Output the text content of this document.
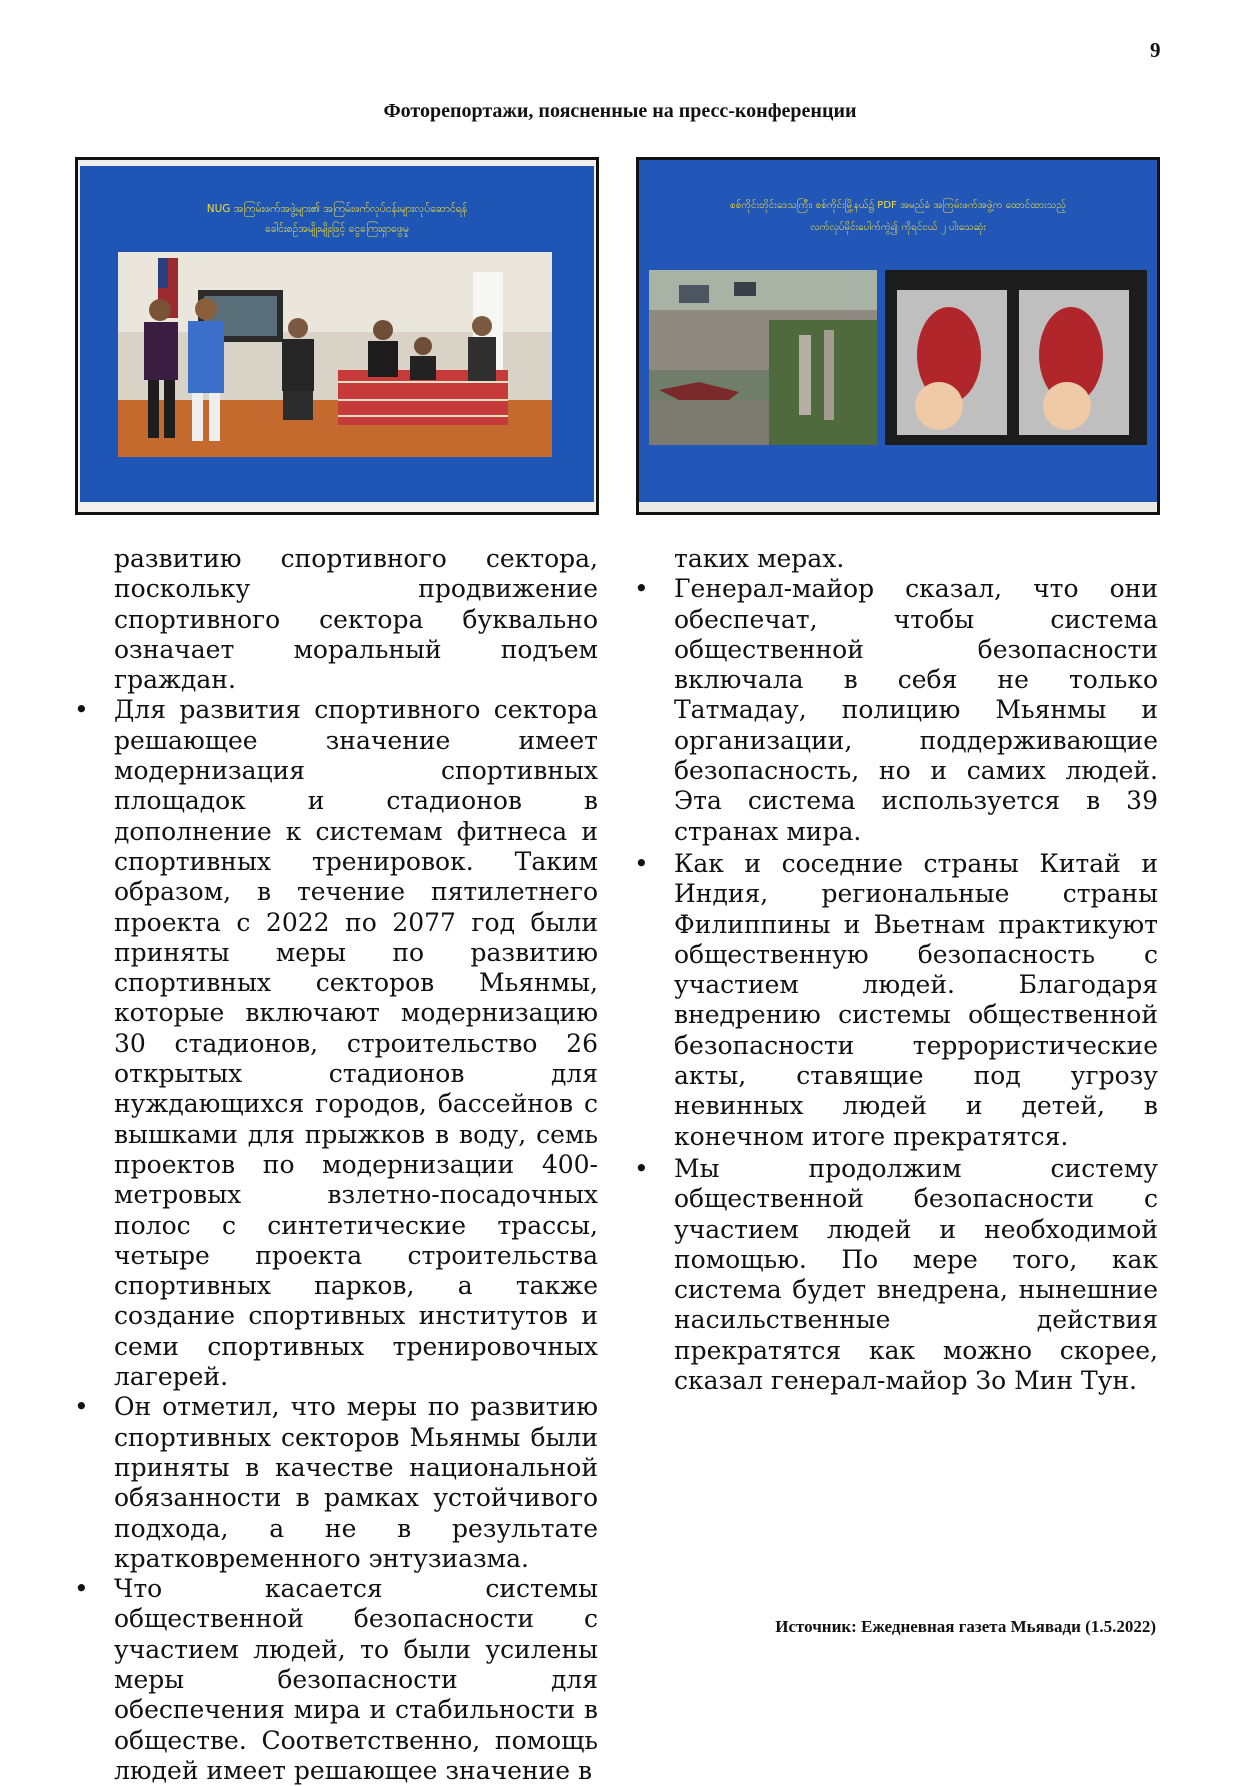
9
Фоторепортажи, поясненные на пресс-конференции
NUG အကြမ်းဖက်အဖွဲ့များ၏ အကြမ်းဖက်လုပ်ငန်းများလုပ်ဆောင်ရန်
ခေါင်းစဉ်အမျိုးမျိုးဖြင့် ငွေကြေးရှာဖွေမှု
စစ်ကိုင်းတိုင်းဒေသကြီး၊ စစ်ကိုင်းမြို့နယ်၌ PDF အမည်ခံ အကြမ်းဖက်အဖွဲ့က ထောင်ထားသည့်
လက်လုပ်မိုင်းပေါက်ကွဲ၍ ကိုရင်ငယ် ၂ ပါးသေဆုံး

развитию спортивного сектора, поскольку продвижение спортивного сектора буквально означает моральный подъем граждан.

• Для развития спортивного сектора решающее значение имеет модернизация спортивных площадок и стадионов в дополнение к системам фитнеса и спортивных тренировок. Таким образом, в течение пятилетнего проекта с 2022 по 2077 год были приняты меры по развитию спортивных секторов Мьянмы, которые включают модернизацию 30 стадионов, строительство 26 открытых стадионов для нуждающихся городов, бассейнов с вышками для прыжков в воду, семь проектов по модернизации 400-метровых взлетно-посадочных полос с синтетические трассы, четыре проекта строительства спортивных парков, а также создание спортивных институтов и семи спортивных тренировочных лагерей.
• Он отметил, что меры по развитию спортивных секторов Мьянмы были приняты в качестве национальной обязанности в рамках устойчивого подхода, а не в результате кратковременного энтузиазма.
• Что касается системы общественной безопасности с участием людей, то были усилены меры безопасности для обеспечения мира и стабильности в обществе. Соответственно, помощь людей имеет решающее значение в

таких мерах.

• Генерал-майор сказал, что они обеспечат, чтобы система общественной безопасности включала в себя не только Татмадау, полицию Мьянмы и организации, поддерживающие безопасность, но и самих людей. Эта система используется в 39 странах мира.
• Как и соседние страны Китай и Индия, региональные страны Филиппины и Вьетнам практикуют общественную безопасность с участием людей. Благодаря внедрению системы общественной безопасности террористические акты, ставящие под угрозу невинных людей и детей, в конечном итоге прекратятся.
• Мы продолжим систему общественной безопасности с участием людей и необходимой помощью. По мере того, как система будет внедрена, нынешние насильственные действия прекратятся как можно скорее, сказал генерал-майор Зо Мин Тун.
Источник: Ежедневная газета Мьявади (1.5.2022)
